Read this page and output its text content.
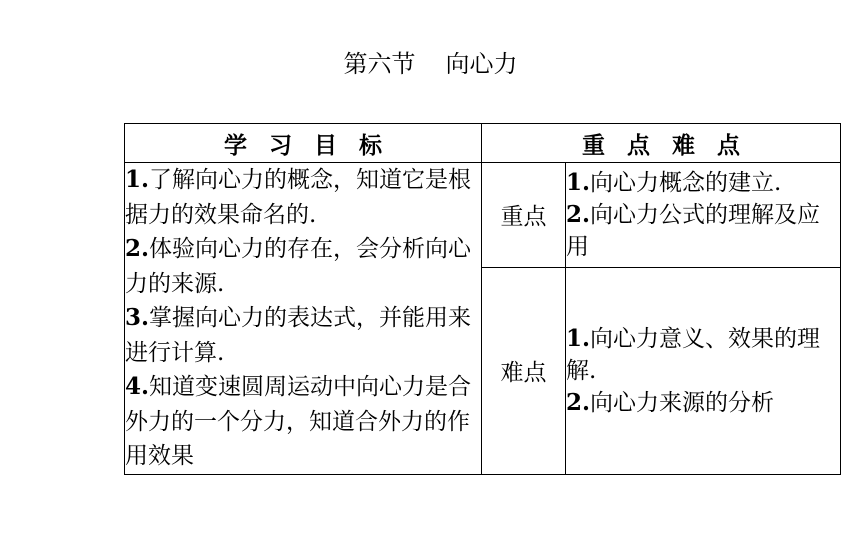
第六节 向心力
学 习 目 标	重 点 难 点	

1.了解向心力的概念，知道它是根据力的效果命名的.
2.体验向心力的存在，会分析向心力的来源.
3.掌握向心力的表达式，并能用来进行计算.
4.知道变速圆周运动中向心力是合外力的一个分力，知道合外力的作用效果	重点	1.向心力概念的建立.
2.向心力公式的理解及应用

	难点	1.向心力意义、效果的理解.
2.向心力来源的分析
